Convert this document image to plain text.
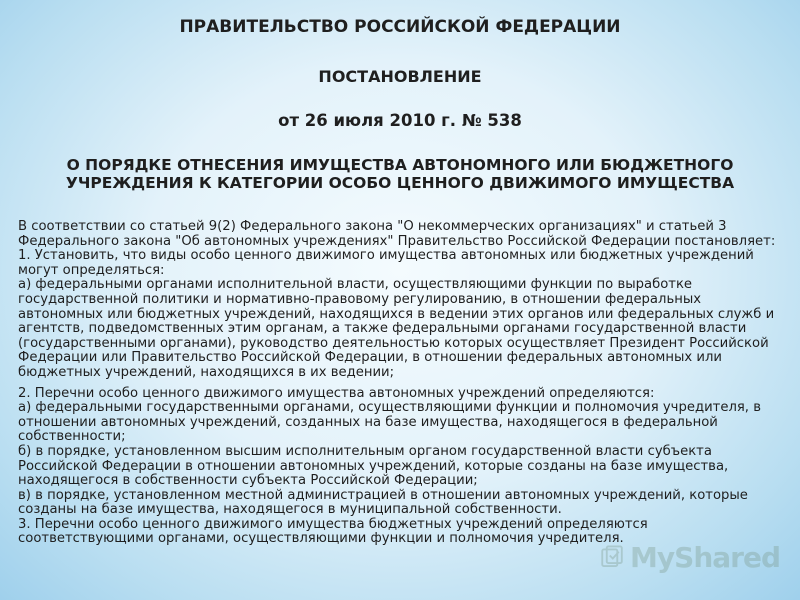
ПРАВИТЕЛЬСТВО РОССИЙСКОЙ ФЕДЕРАЦИИ
ПОСТАНОВЛЕНИЕ
от 26 июля 2010 г. № 538
О ПОРЯДКЕ ОТНЕСЕНИЯ ИМУЩЕСТВА АВТОНОМНОГО ИЛИ БЮДЖЕТНОГО УЧРЕЖДЕНИЯ К КАТЕГОРИИ ОСОБО ЦЕННОГО ДВИЖИМОГО ИМУЩЕСТВА

В соответствии со статьей 9(2) Федерального закона "О некоммерческих организациях" и статьей 3 Федерального закона "Об автономных учреждениях" Правительство Российской Федерации постановляет:

1. Установить, что виды особо ценного движимого имущества автономных или бюджетных учреждений могут определяться:

а) федеральными органами исполнительной власти, осуществляющими функции по выработке государственной политики и нормативно-правовому регулированию, в отношении федеральных автономных или бюджетных учреждений, находящихся в ведении этих органов или федеральных служб и агентств, подведомственных этим органам, а также федеральными органами государственной власти (государственными органами), руководство деятельностью которых осуществляет Президент Российской Федерации или Правительство Российской Федерации, в отношении федеральных автономных или бюджетных учреждений, находящихся в их ведении;

2. Перечни особо ценного движимого имущества автономных учреждений определяются:

а) федеральными государственными органами, осуществляющими функции и полномочия учредителя, в отношении автономных учреждений, созданных на базе имущества, находящегося в федеральной собственности;

б) в порядке, установленном высшим исполнительным органом государственной власти субъекта Российской Федерации в отношении автономных учреждений, которые созданы на базе имущества, находящегося в собственности субъекта Российской Федерации;

в) в порядке, установленном местной администрацией в отношении автономных учреждений, которые созданы на базе имущества, находящегося в муниципальной собственности.

3. Перечни особо ценного движимого имущества бюджетных учреждений определяются соответствующими органами, осуществляющими функции и полномочия учредителя.

MyShared
